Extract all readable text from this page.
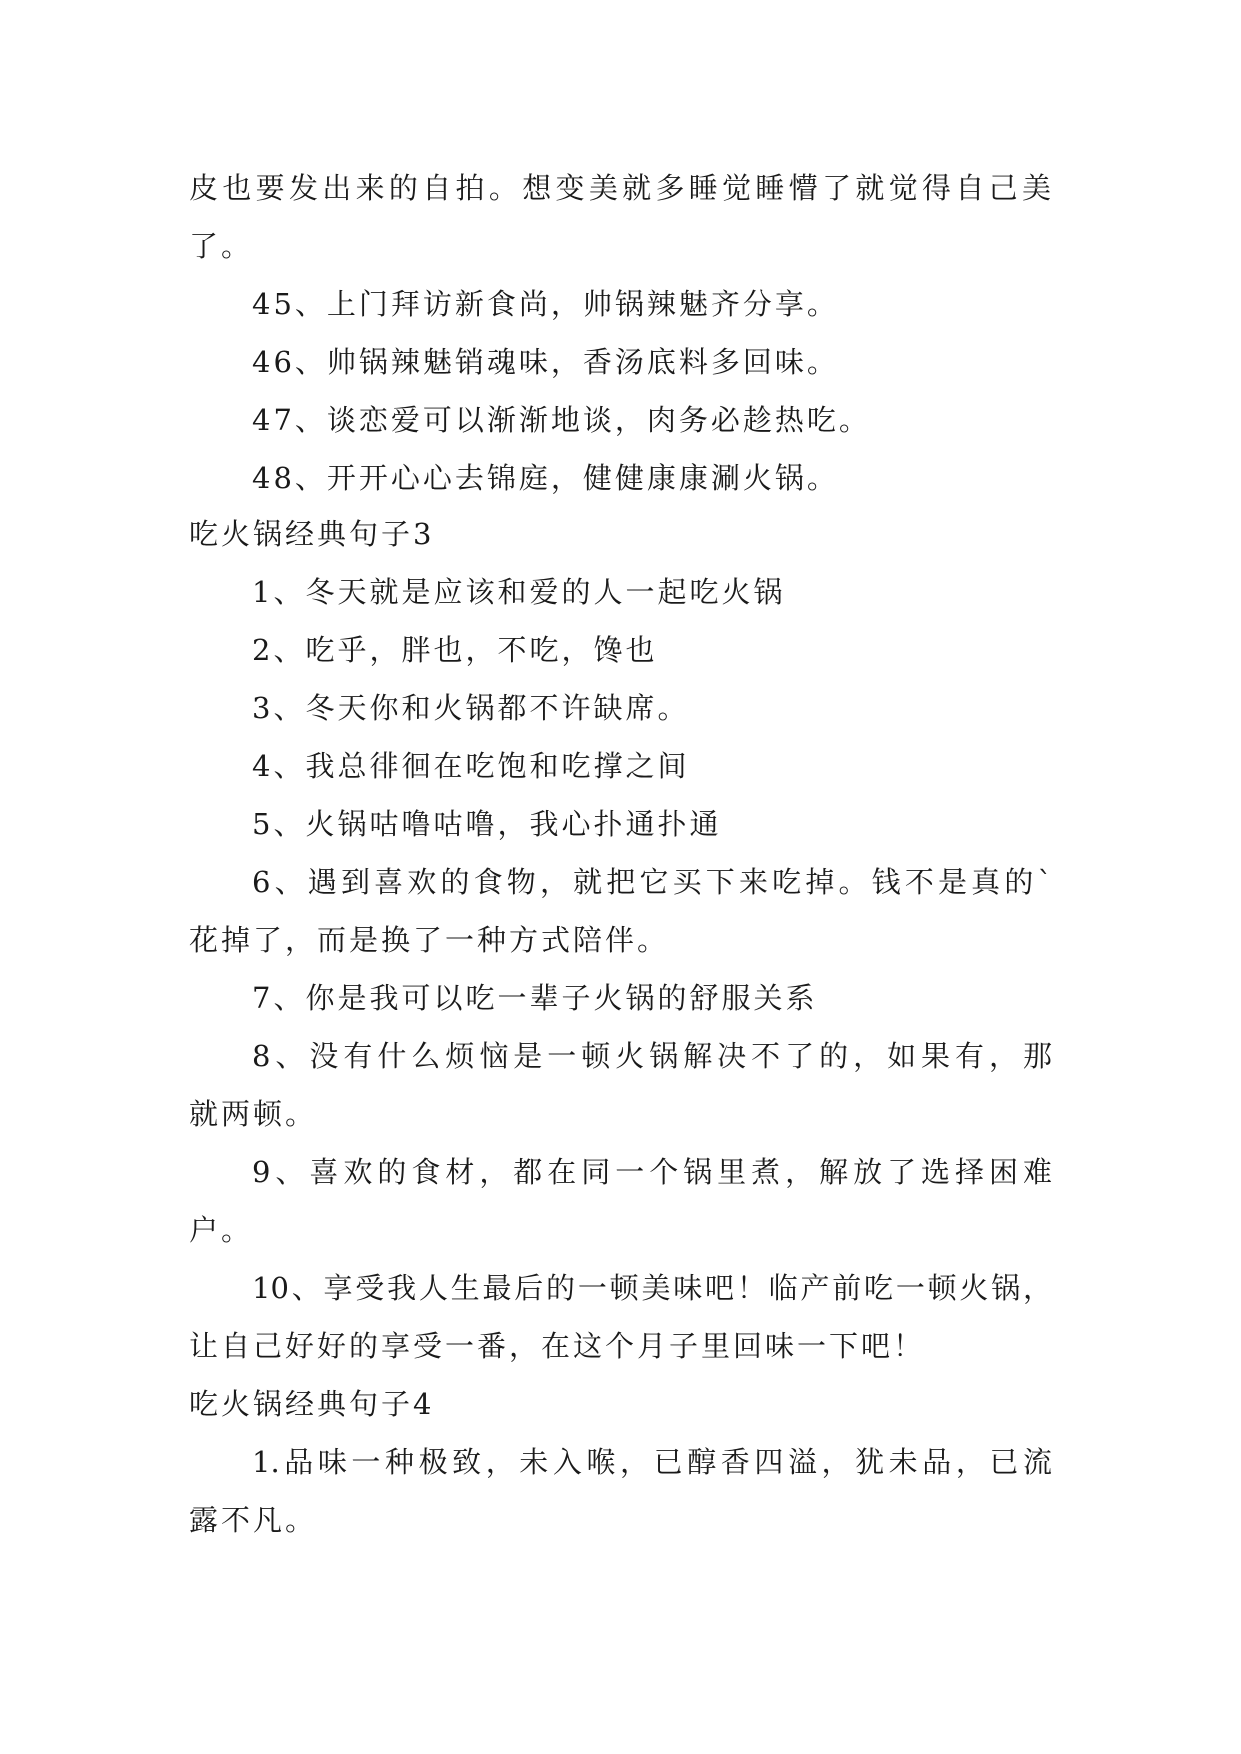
皮也要发出来的自拍。想变美就多睡觉睡懵了就觉得自己美
了。
45、上门拜访新食尚，帅锅辣魅齐分享。
46、帅锅辣魅销魂味，香汤底料多回味。
47、谈恋爱可以渐渐地谈，肉务必趁热吃。
48、开开心心去锦庭，健健康康涮火锅。
吃火锅经典句子3
1、冬天就是应该和爱的人一起吃火锅
2、吃乎，胖也，不吃，馋也
3、冬天你和火锅都不许缺席。
4、我总徘徊在吃饱和吃撑之间
5、火锅咕噜咕噜，我心扑通扑通
6、遇到喜欢的食物，就把它买下来吃掉。钱不是真的`
花掉了，而是换了一种方式陪伴。
7、你是我可以吃一辈子火锅的舒服关系
8、没有什么烦恼是一顿火锅解决不了的，如果有，那
就两顿。
9、喜欢的食材，都在同一个锅里煮，解放了选择困难
户。
10、享受我人生最后的一顿美味吧！临产前吃一顿火锅，
让自己好好的享受一番，在这个月子里回味一下吧！
吃火锅经典句子4
1.品味一种极致，未入喉，已醇香四溢，犹未品，已流
露不凡。
